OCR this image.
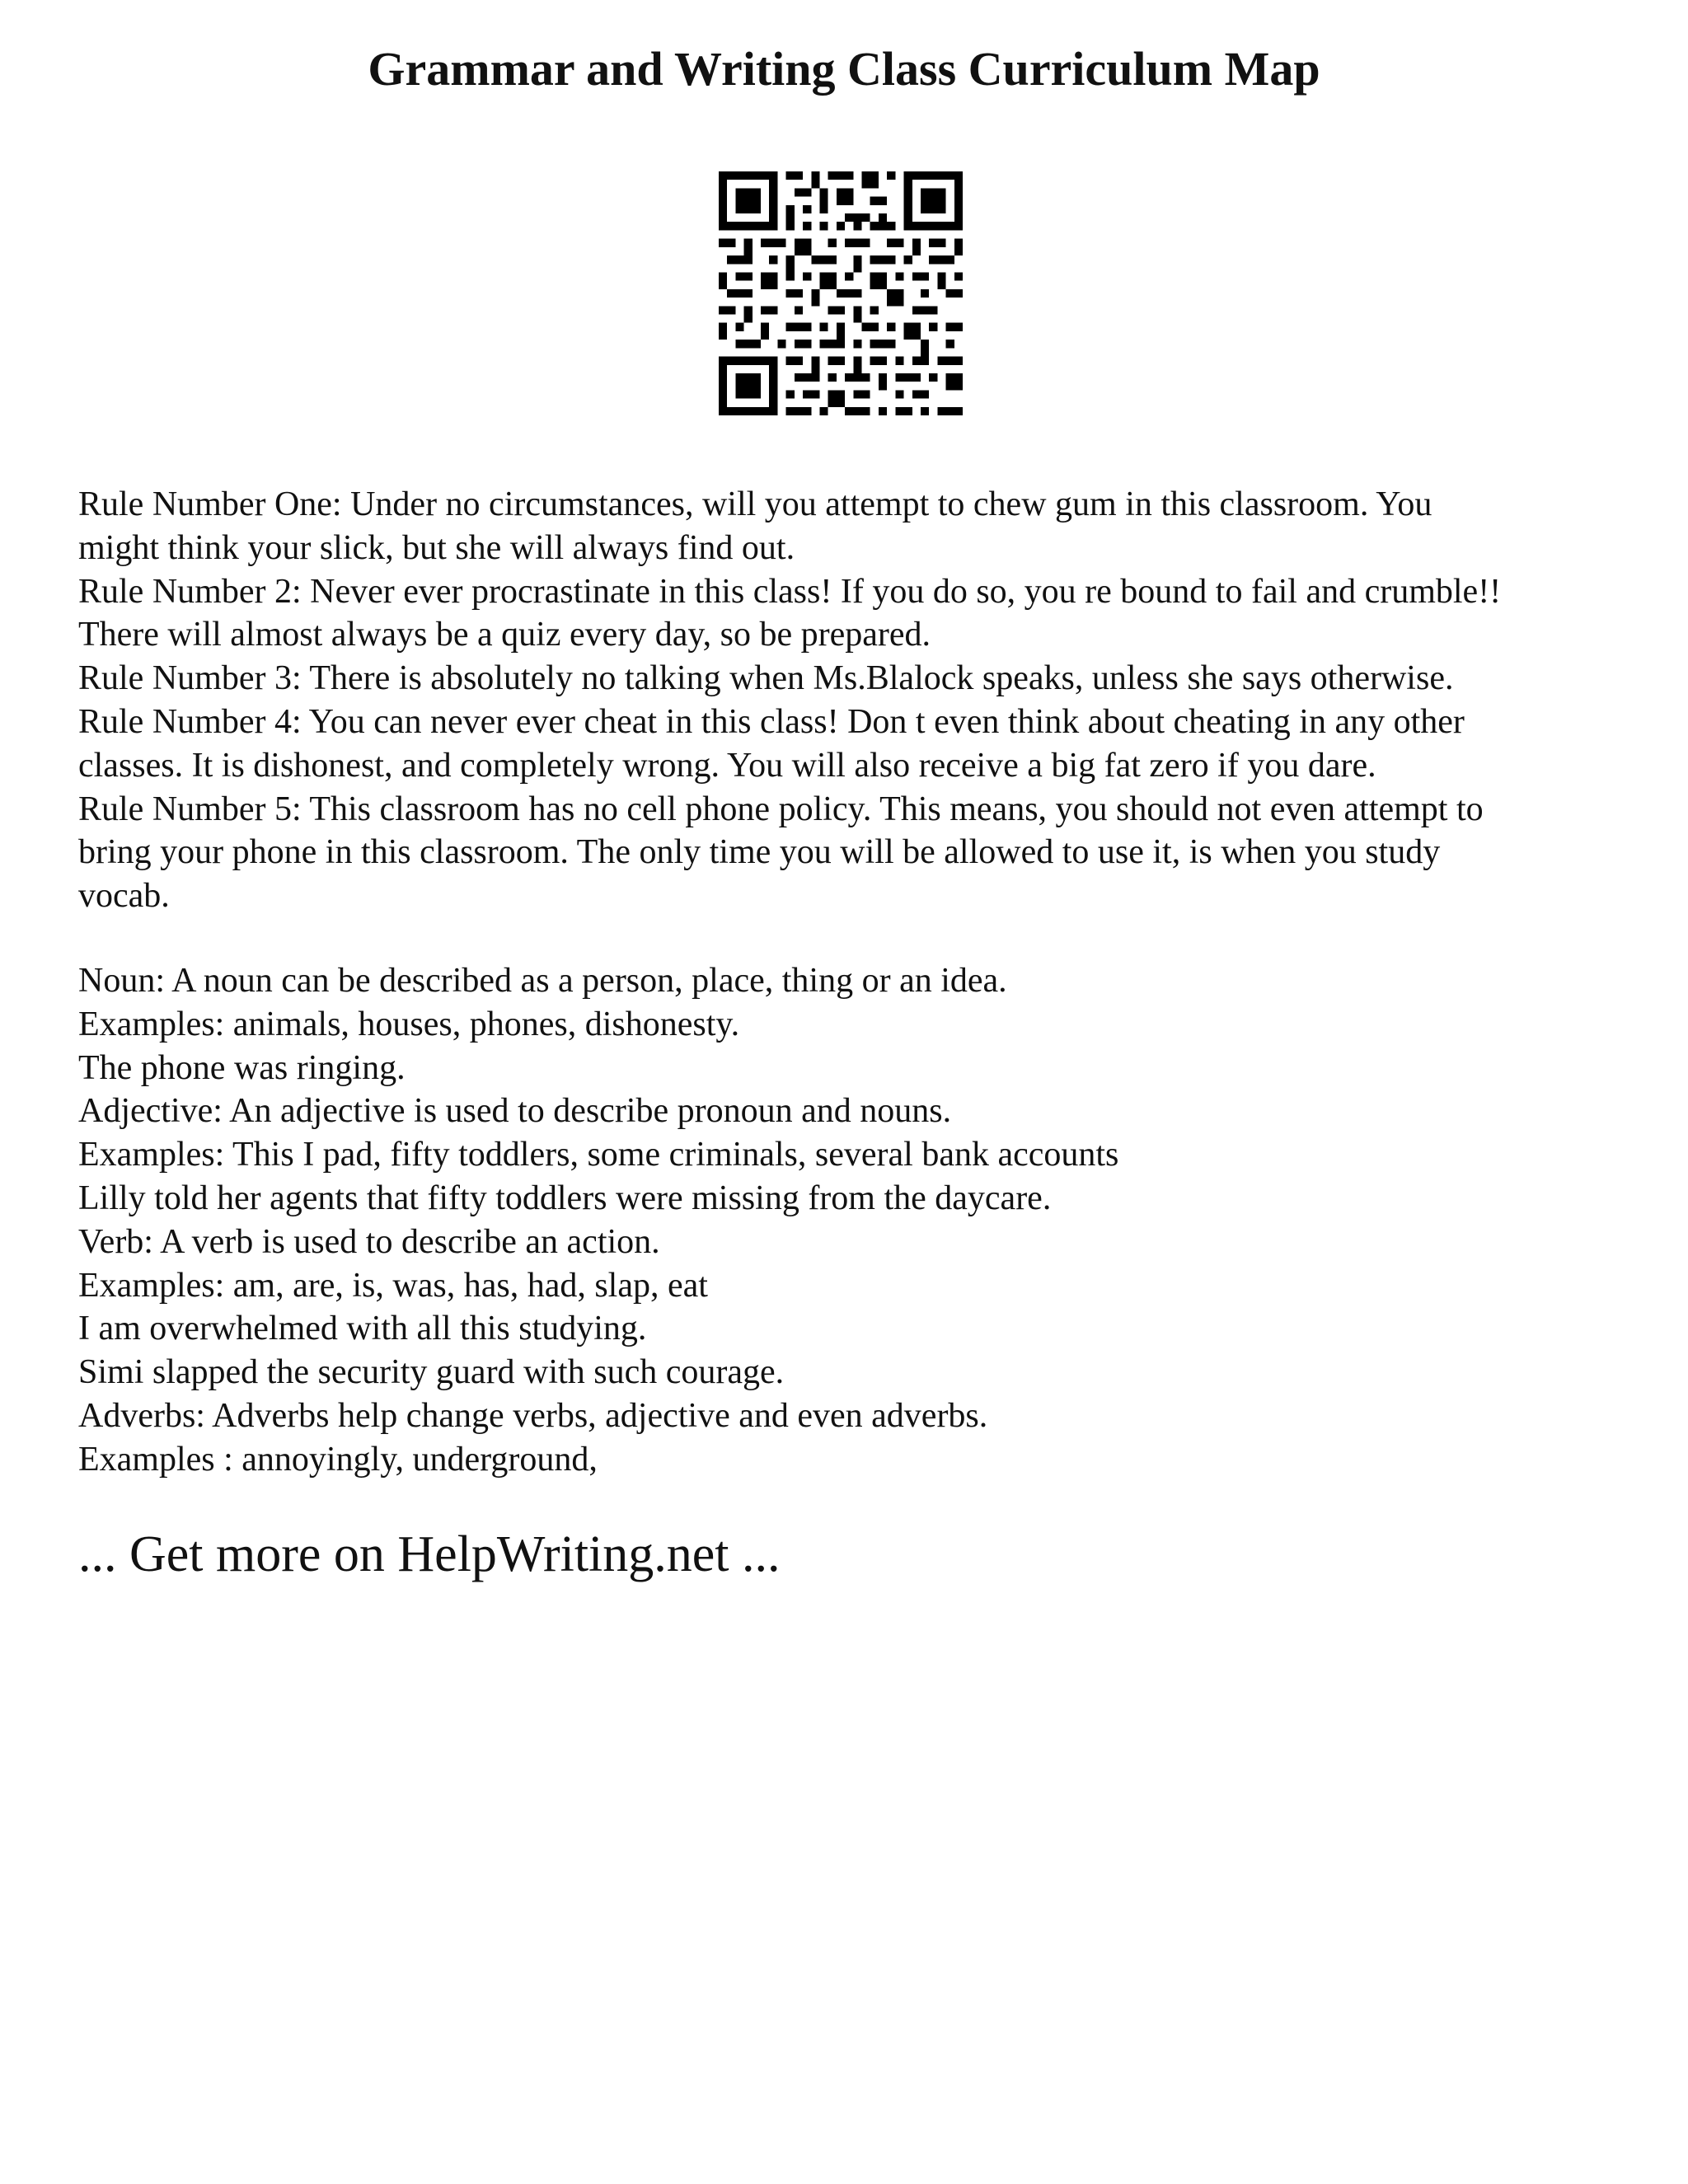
Grammar and Writing Class Curriculum Map
Rule Number One: Under no circumstances, will you attempt to chew gum in this classroom. You
might think your slick, but she will always find out.
Rule Number 2: Never ever procrastinate in this class! If you do so, you re bound to fail and crumble!!
There will almost always be a quiz every day, so be prepared.
Rule Number 3: There is absolutely no talking when Ms.Blalock speaks, unless she says otherwise.
Rule Number 4: You can never ever cheat in this class! Don t even think about cheating in any other
classes. It is dishonest, and completely wrong. You will also receive a big fat zero if you dare.
Rule Number 5: This classroom has no cell phone policy. This means, you should not even attempt to
bring your phone in this classroom. The only time you will be allowed to use it, is when you study
vocab.
Noun: A noun can be described as a person, place, thing or an idea.
Examples: animals, houses, phones, dishonesty.
The phone was ringing.
Adjective: An adjective is used to describe pronoun and nouns.
Examples: This I pad, fifty toddlers, some criminals, several bank accounts
Lilly told her agents that fifty toddlers were missing from the daycare.
Verb: A verb is used to describe an action.
Examples: am, are, is, was, has, had, slap, eat
I am overwhelmed with all this studying.
Simi slapped the security guard with such courage.
Adverbs: Adverbs help change verbs, adjective and even adverbs.
Examples : annoyingly, underground,

... Get more on HelpWriting.net ...
